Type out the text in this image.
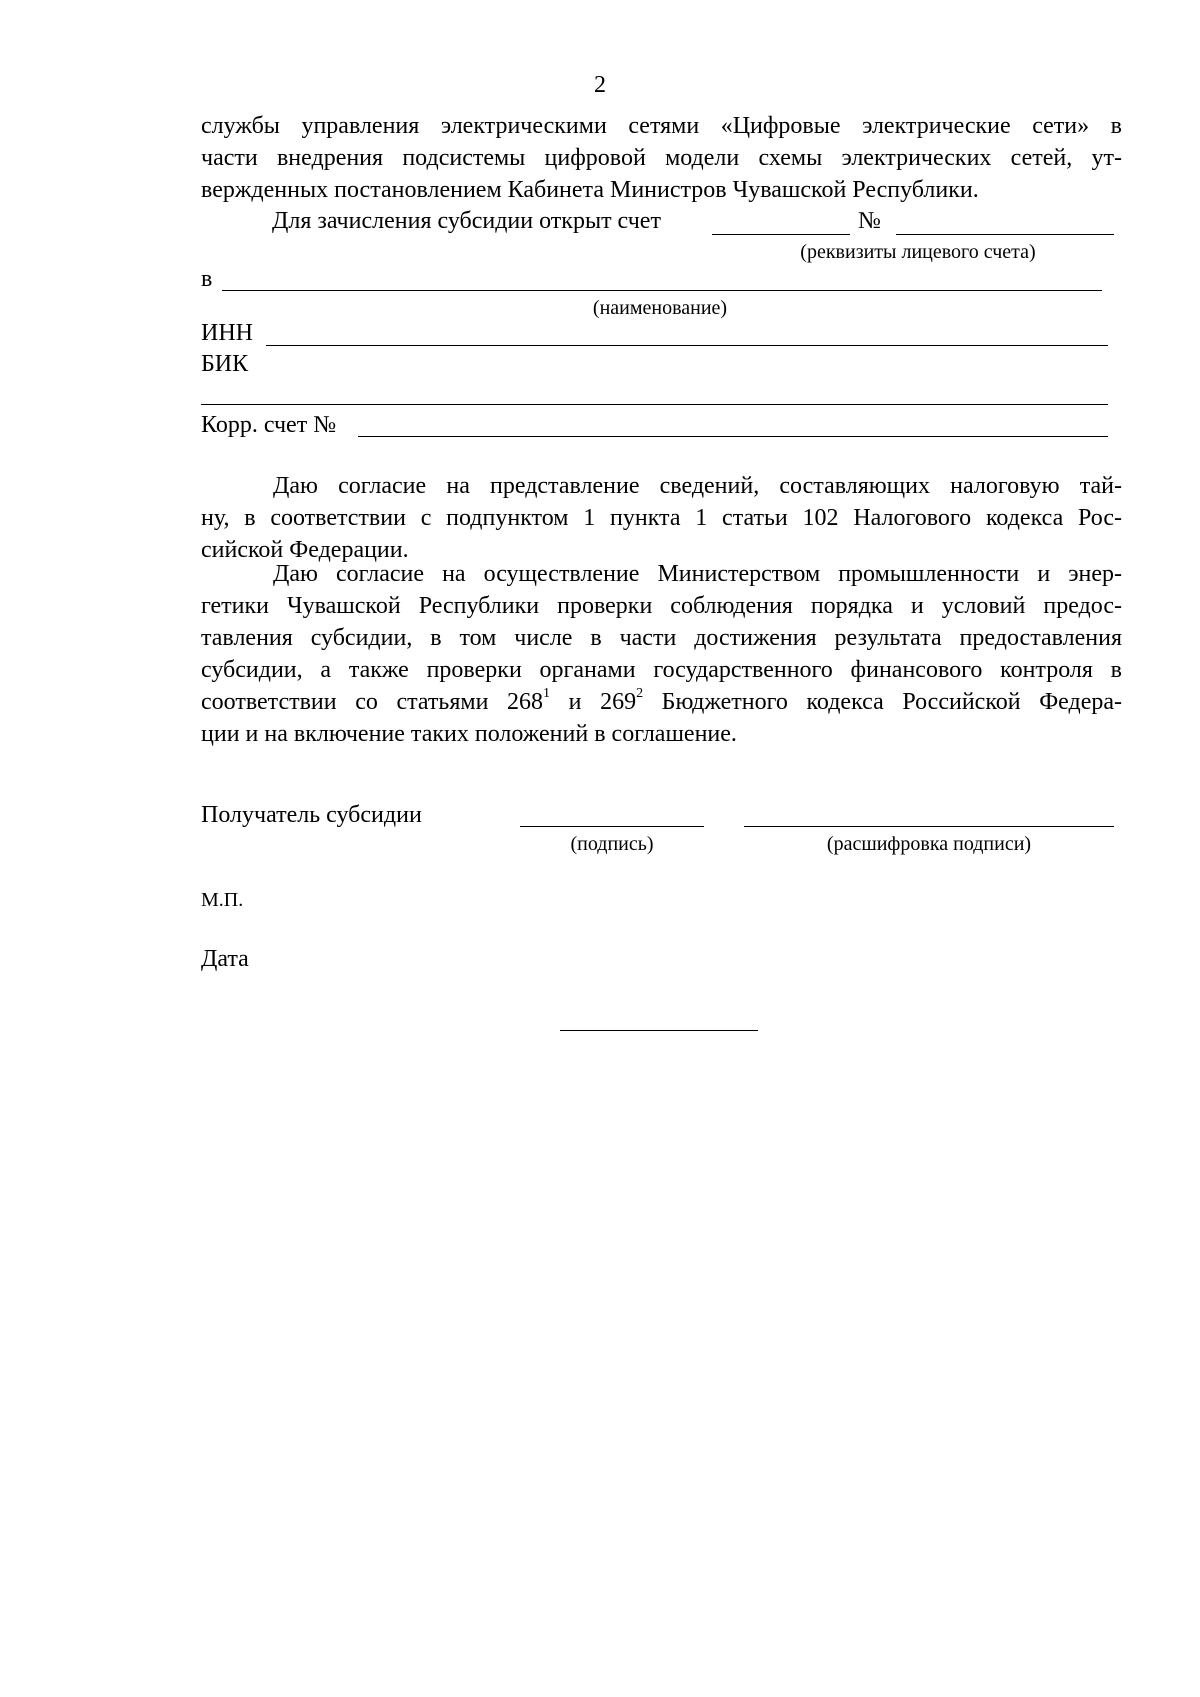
2
службы управления электрическими сетями «Цифровые электрические сети» в
части внедрения подсистемы цифровой модели схемы электрических сетей, ут-
вержденных постановлением Кабинета Министров Чувашской Республики.
Для зачисления субсидии открыт счет	№
(реквизиты лицевого счета)
в
(наименование)
ИНН
БИК
Корр. счет №
Даю согласие на представление сведений, составляющих налоговую тай-
ну, в соответствии с подпунктом 1 пункта 1 статьи 102 Налогового кодекса Рос-
сийской Федерации.
Даю согласие на осуществление Министерством промышленности и энер-
гетики Чувашской Республики проверки соблюдения порядка и условий предос-
тавления субсидии, в том числе в части достижения результата предоставления
субсидии, а также проверки органами государственного финансового контроля в
соответствии со статьями $268^1$ и $269^2$ Бюджетного кодекса Российской Федера-
ции и на включение таких положений в соглашение.
Получатель субсидии
(подпись)	(расшифровка подписи)
М.П.
Дата
